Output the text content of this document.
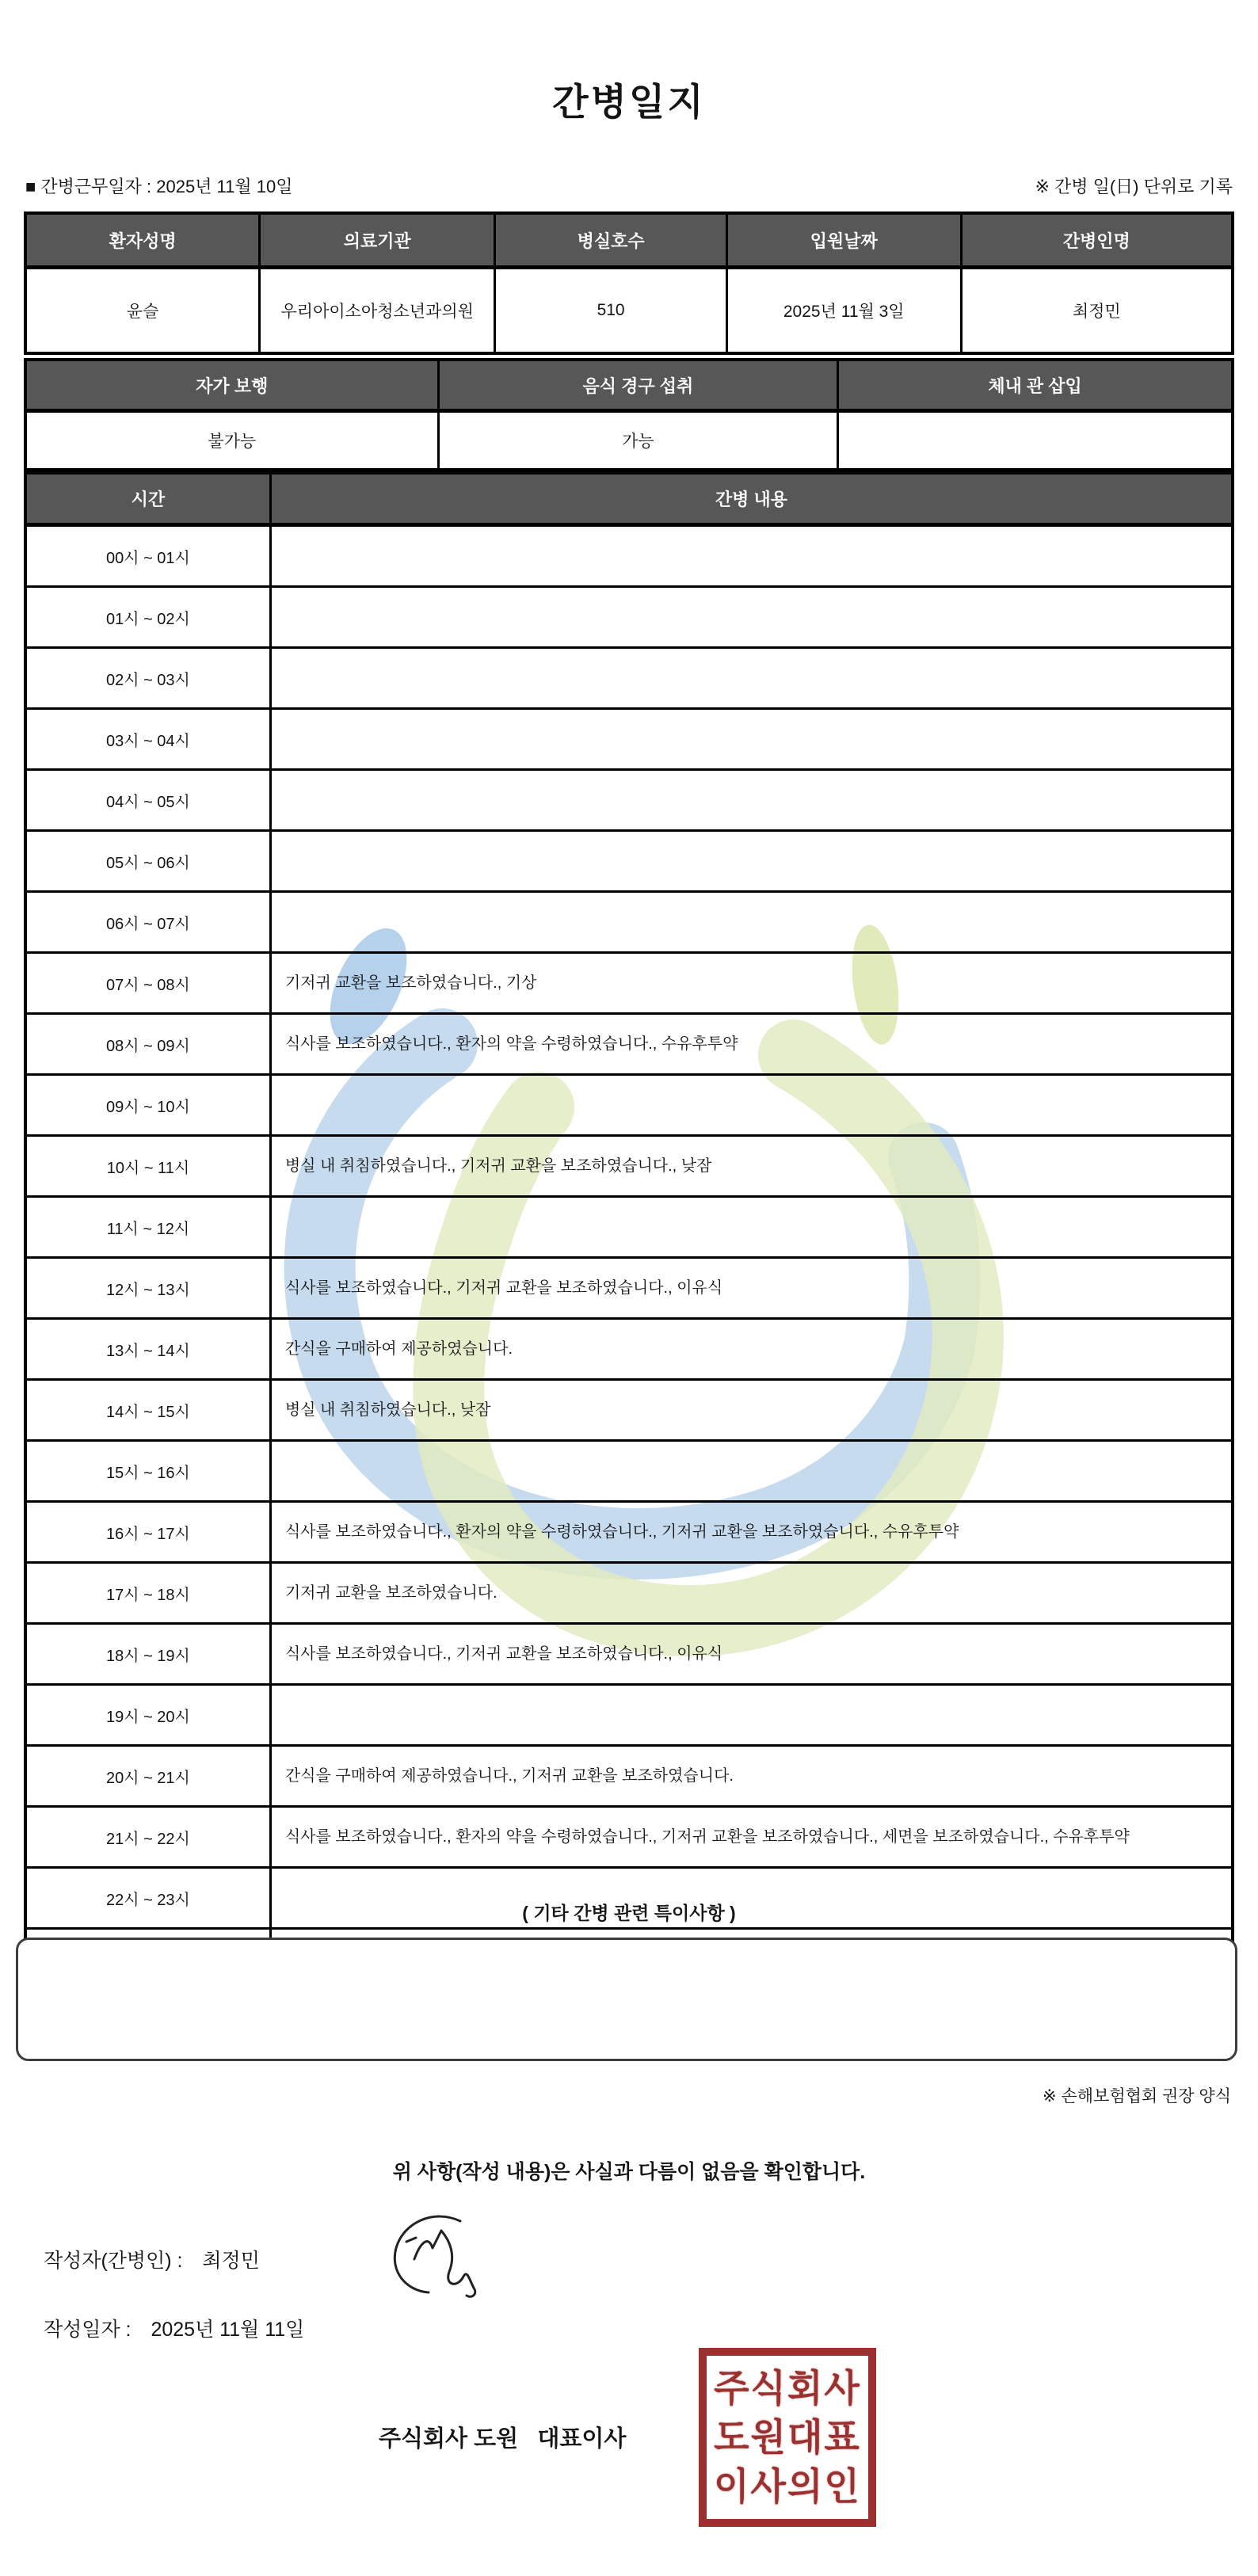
간병일지
■ 간병근무일자 : 2025년 11월 10일	※ 간병 일(日) 단위로 기록
환자성명	의료기관	병실호수	입원날짜	간병인명
윤슬	우리아이소아청소년과의원	510	2025년 11월 3일	최정민
자가 보행	음식 경구 섭취	체내 관 삽입
불가능	가능	
시간	간병 내용
00시 ~ 01시	
01시 ~ 02시	
02시 ~ 03시	
03시 ~ 04시	
04시 ~ 05시	
05시 ~ 06시	
06시 ~ 07시	
07시 ~ 08시	기저귀 교환을 보조하였습니다., 기상
08시 ~ 09시	식사를 보조하였습니다., 환자의 약을 수령하였습니다., 수유후투약
09시 ~ 10시	
10시 ~ 11시	병실 내 취침하였습니다., 기저귀 교환을 보조하였습니다., 낮잠
11시 ~ 12시	
12시 ~ 13시	식사를 보조하였습니다., 기저귀 교환을 보조하였습니다., 이유식
13시 ~ 14시	간식을 구매하여 제공하였습니다.
14시 ~ 15시	병실 내 취침하였습니다., 낮잠
15시 ~ 16시	
16시 ~ 17시	식사를 보조하였습니다., 환자의 약을 수령하였습니다., 기저귀 교환을 보조하였습니다., 수유후투약
17시 ~ 18시	기저귀 교환을 보조하였습니다.
18시 ~ 19시	식사를 보조하였습니다., 기저귀 교환을 보조하였습니다., 이유식
19시 ~ 20시	
20시 ~ 21시	간식을 구매하여 제공하였습니다., 기저귀 교환을 보조하였습니다.
21시 ~ 22시	식사를 보조하였습니다., 환자의 약을 수령하였습니다., 기저귀 교환을 보조하였습니다., 세면을 보조하였습니다., 수유후투약
22시 ~ 23시	

( 기타 간병 관련 특이사항 )
※ 손해보험협회 권장 양식
위 사항(작성 내용)은 사실과 다름이 없음을 확인합니다.
작성자(간병인) : 최정민
작성일자 : 2025년 11월 11일
주식회사 도원   대표이사
주식회사
도원대표
이사의인
